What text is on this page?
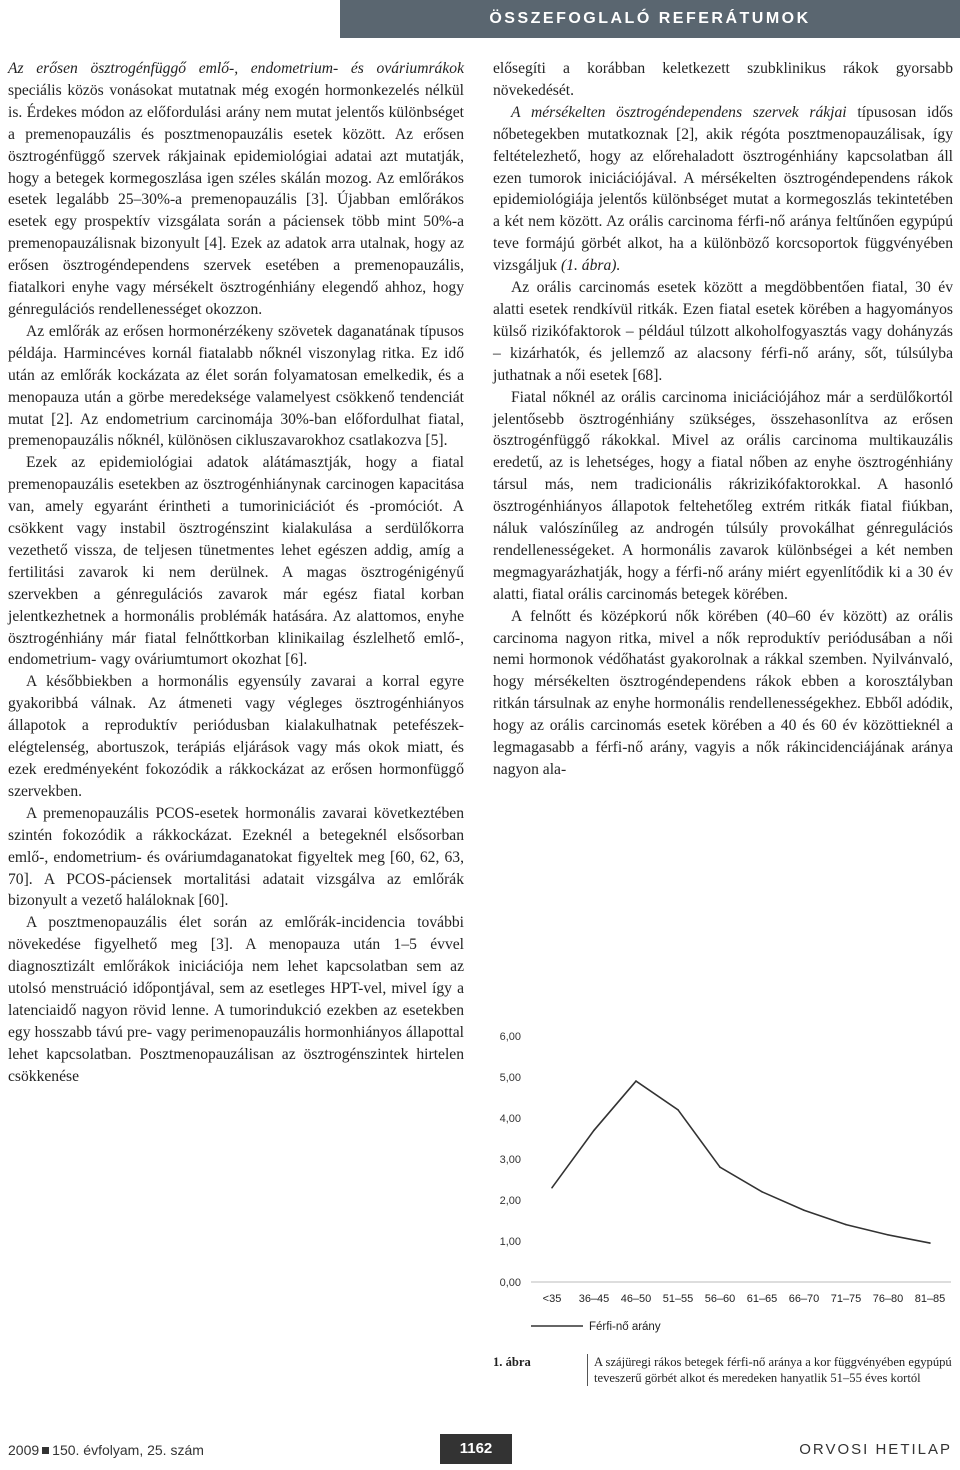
ÖSSZEFOGLALÓ REFERÁTUMOK

Az erősen ösztrogénfüggő emlő-, endometrium- és ováriumrákok speciális közös vonásokat mutatnak még exogén hormonkezelés nélkül is. Érdekes módon az előfordulási arány nem mutat jelentős különbséget a premenopauzális és posztmenopauzális esetek között. Az erősen ösztrogénfüggő szervek rákjainak epidemiológiai adatai azt mutatják, hogy a betegek kormegoszlása igen széles skálán mozog. Az emlőrákos esetek legalább 25–30%-a premenopauzális [3]. Újabban emlőrákos esetek egy prospektív vizsgálata során a páciensek több mint 50%-a premenopauzálisnak bizonyult [4]. Ezek az adatok arra utalnak, hogy az erősen ösztrogéndependens szervek esetében a premenopauzális, fiatalkori enyhe vagy mérsékelt ösztrogénhiány elegendő ahhoz, hogy génregulációs rendellenességet okozzon.

Az emlőrák az erősen hormonérzékeny szövetek daganatának típusos példája. Harmincéves kornál fiatalabb nőknél viszonylag ritka. Ez idő után az emlőrák kockázata az élet során folyamatosan emelkedik, és a menopauza után a görbe meredeksége valamelyest csökkenő tendenciát mutat [2]. Az endometrium carcinomája 30%-ban előfordulhat fiatal, premenopauzális nőknél, különösen cikluszavarokhoz csatlakozva [5].

Ezek az epidemiológiai adatok alátámasztják, hogy a fiatal premenopauzális esetekben az ösztrogénhiánynak carcinogen kapacitása van, amely egyaránt érintheti a tumoriniciációt és -promóciót. A csökkent vagy instabil ösztrogénszint kialakulása a serdülőkorra vezethető vissza, de teljesen tünetmentes lehet egészen addig, amíg a fertilitási zavarok ki nem derülnek. A magas ösztrogénigényű szervekben a génregulációs zavarok már egész fiatal korban jelentkezhetnek a hormonális problémák hatására. Az alattomos, enyhe ösztrogénhiány már fiatal felnőttkorban klinikailag észlelhető emlő-, endometrium- vagy ováriumtumort okozhat [6].

A későbbiekben a hormonális egyensúly zavarai a korral egyre gyakoribbá válnak. Az átmeneti vagy végleges ösztrogénhiányos állapotok a reproduktív periódusban kialakulhatnak petefészek-elégtelenség, abortuszok, terápiás eljárások vagy más okok miatt, és ezek eredményeként fokozódik a rákkockázat az erősen hormonfüggő szervekben.

A premenopauzális PCOS-esetek hormonális zavarai következtében szintén fokozódik a rákkockázat. Ezeknél a betegeknél elsősorban emlő-, endometrium- és ováriumdaganatokat figyeltek meg [60, 62, 63, 70]. A PCOS-páciensek mortalitási adatait vizsgálva az emlőrák bizonyult a vezető haláloknak [60].

A posztmenopauzális élet során az emlőrák-incidencia további növekedése figyelhető meg [3]. A menopauza után 1–5 évvel diagnosztizált emlőrákok iniciációja nem lehet kapcsolatban sem az utolsó menstruáció időpontjával, sem az esetleges HPT-vel, mivel így a latenciaidő nagyon rövid lenne. A tumorindukció ezekben az esetekben egy hosszabb távú pre- vagy perimenopauzális hormonhiányos állapottal lehet kapcsolatban. Posztmenopauzálisan az ösztrogénszintek hirtelen csökkenése

elősegíti a korábban keletkezett szubklinikus rákok gyorsabb növekedését.

A mérsékelten ösztrogéndependens szervek rákjai típusosan idős nőbetegekben mutatkoznak [2], akik régóta posztmenopauzálisak, így feltételezhető, hogy az előrehaladott ösztrogénhiány kapcsolatban áll ezen tumorok iniciációjával. A mérsékelten ösztrogéndependens rákok epidemiológiája jelentős különbséget mutat a kormegoszlás tekintetében a két nem között. Az orális carcinoma férfi-nő aránya feltűnően egypúpú teve formájú görbét alkot, ha a különböző korcsoportok függvényében vizsgáljuk (1. ábra).

Az orális carcinomás esetek között a megdöbbentően fiatal, 30 év alatti esetek rendkívül ritkák. Ezen fiatal esetek körében a hagyományos külső rizikófaktorok – például túlzott alkoholfogyasztás vagy dohányzás – kizárhatók, és jellemző az alacsony férfi-nő arány, sőt, túlsúlyba juthatnak a női esetek [68].

Fiatal nőknél az orális carcinoma iniciációjához már a serdülőkortól jelentősebb ösztrogénhiány szükséges, összehasonlítva az erősen ösztrogénfüggő rákokkal. Mivel az orális carcinoma multikauzális eredetű, az is lehetséges, hogy a fiatal nőben az enyhe ösztrogénhiány társul más, nem tradicionális rákrizikófaktorokkal. A hasonló ösztrogénhiányos állapotok feltehetőleg extrém ritkák fiatal fiúkban, náluk valószínűleg az androgén túlsúly provokálhat génregulációs rendellenességeket. A hormonális zavarok különbségei a két nemben megmagyarázhatják, hogy a férfi-nő arány miért egyenlítődik ki a 30 év alatti, fiatal orális carcinomás betegek körében.

A felnőtt és középkorú nők körében (40–60 év között) az orális carcinoma nagyon ritka, mivel a nők reproduktív periódusában a női nemi hormonok védőhatást gyakorolnak a rákkal szemben. Nyilvánvaló, hogy mérsékelten ösztrogéndependens rákok ebben a korosztályban ritkán társulnak az enyhe hormonális rendellenességekhez. Ebből adódik, hogy az orális carcinomás esetek körében a 40 és 60 év közöttieknél a legmagasabb a férfi-nő arány, vagyis a nők rákincidenciájának aránya nagyon ala-

0,00
1,00
2,00
3,00
4,00
5,00
6,00
<35 36–45 46–50 51–55 56–60 61–65 66–70 71–75 76–80 81–85
Férfi-nő arány
1. ábra	A szájüregi rákos betegek férfi-nő aránya a kor függvényében egypúpú teveszerű görbét alkot és meredeken hanyatlik 51–55 éves kortól
2009 150. évfolyam, 25. szám	1162	ORVOSI HETILAP
